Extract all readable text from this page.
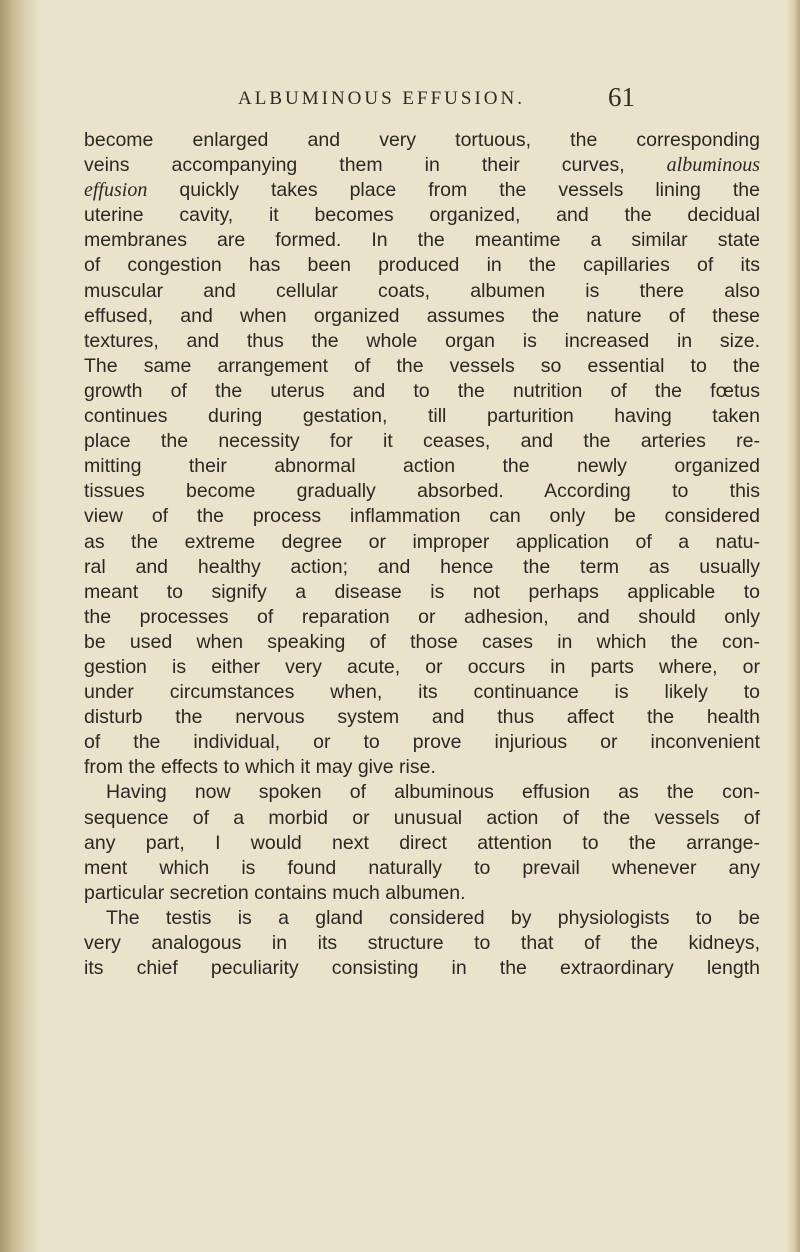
ALBUMINOUS EFFUSION.	61
become enlarged and very tortuous, the corresponding
veins accompanying them in their curves, albuminous
effusion quickly takes place from the vessels lining the
uterine cavity, it becomes organized, and the decidual
membranes are formed. In the meantime a similar state
of congestion has been produced in the capillaries of its
muscular and cellular coats, albumen is there also
effused, and when organized assumes the nature of these
textures, and thus the whole organ is increased in size.
The same arrangement of the vessels so essential to the
growth of the uterus and to the nutrition of the fœtus
continues during gestation, till parturition having taken
place the necessity for it ceases, and the arteries re-
mitting their abnormal action the newly organized
tissues become gradually absorbed. According to this
view of the process inflammation can only be considered
as the extreme degree or improper application of a natu-
ral and healthy action; and hence the term as usually
meant to signify a disease is not perhaps applicable to
the processes of reparation or adhesion, and should only
be used when speaking of those cases in which the con-
gestion is either very acute, or occurs in parts where, or
under circumstances when, its continuance is likely to
disturb the nervous system and thus affect the health
of the individual, or to prove injurious or inconvenient
from the effects to which it may give rise.
Having now spoken of albuminous effusion as the con-
sequence of a morbid or unusual action of the vessels of
any part, I would next direct attention to the arrange-
ment which is found naturally to prevail whenever any
particular secretion contains much albumen.
The testis is a gland considered by physiologists to be
very analogous in its structure to that of the kidneys,
its chief peculiarity consisting in the extraordinary length
